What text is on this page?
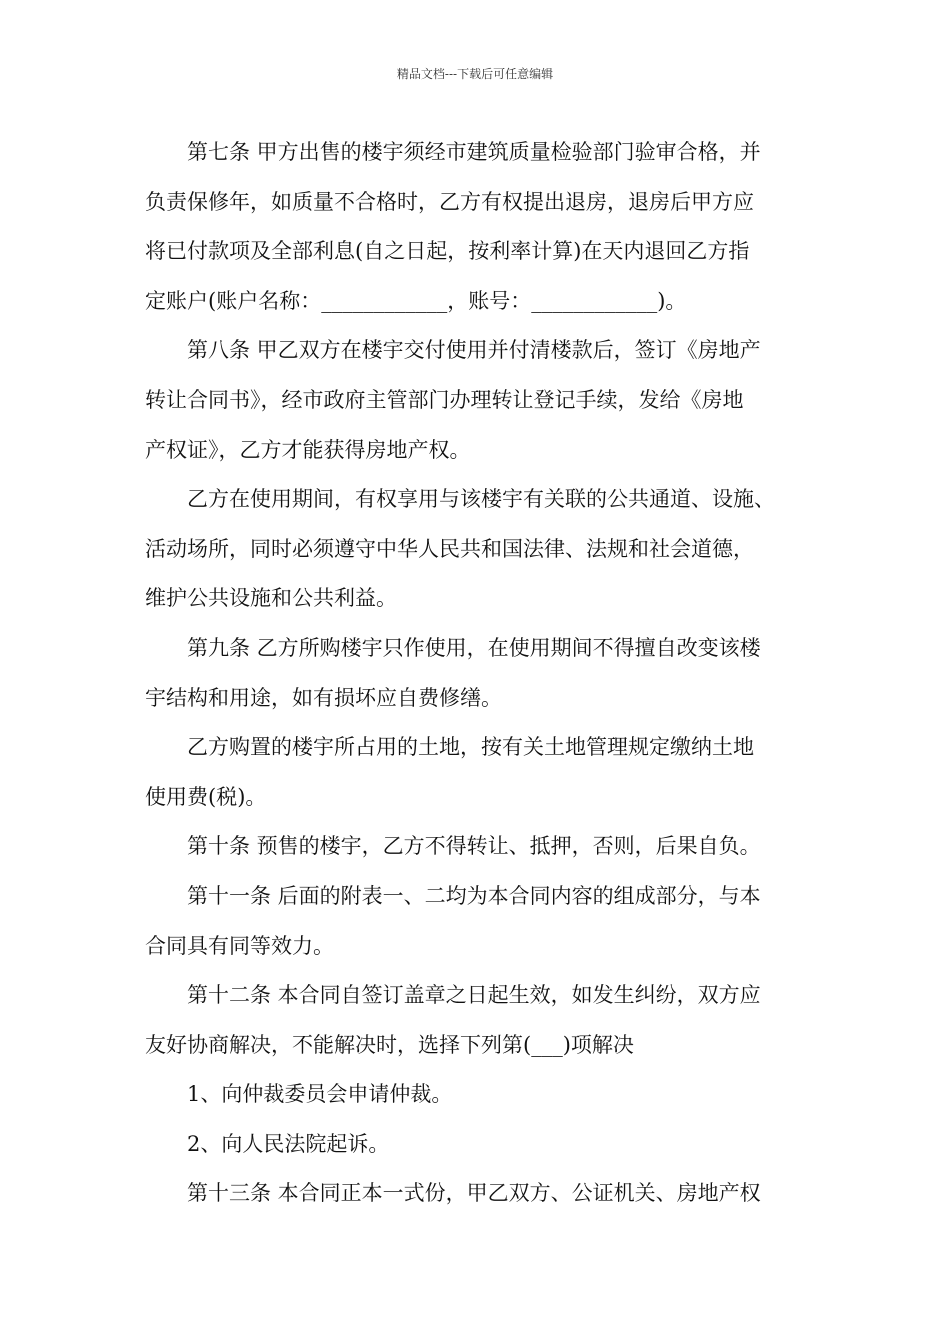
精品文档---下载后可任意编辑
第七条 甲方出售的楼宇须经市建筑质量检验部门验审合格，并
负责保修年，如质量不合格时，乙方有权提出退房，退房后甲方应
将已付款项及全部利息(自之日起，按利率计算)在天内退回乙方指
定账户(账户名称：____________，账号：____________)。
第八条 甲乙双方在楼宇交付使用并付清楼款后，签订《房地产
转让合同书》，经市政府主管部门办理转让登记手续，发给《房地
产权证》，乙方才能获得房地产权。
乙方在使用期间，有权享用与该楼宇有关联的公共通道、设施、
活动场所，同时必须遵守中华人民共和国法律、法规和社会道德，
维护公共设施和公共利益。
第九条 乙方所购楼宇只作使用，在使用期间不得擅自改变该楼
宇结构和用途，如有损坏应自费修缮。
乙方购置的楼宇所占用的土地，按有关土地管理规定缴纳土地
使用费(税)。
第十条 预售的楼宇，乙方不得转让、抵押，否则，后果自负。
第十一条 后面的附表一、二均为本合同内容的组成部分，与本
合同具有同等效力。
第十二条 本合同自签订盖章之日起生效，如发生纠纷，双方应
友好协商解决，不能解决时，选择下列第(___)项解决
1、向仲裁委员会申请仲裁。
2、向人民法院起诉。
第十三条 本合同正本一式份，甲乙双方、公证机关、房地产权
